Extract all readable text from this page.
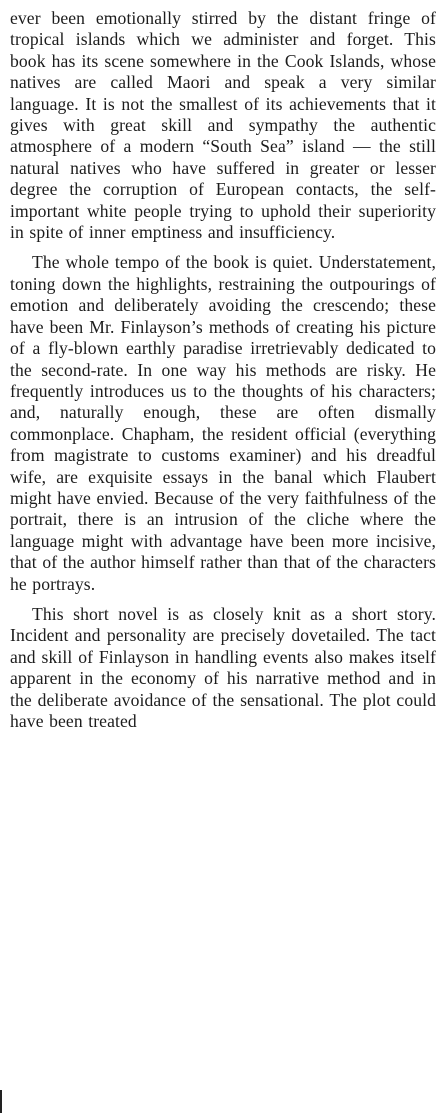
ever been emotionally stirred by the distant fringe of tropical islands which we administer and forget. This book has its scene somewhere in the Cook Islands, whose natives are called Maori and speak a very similar language. It is not the smallest of its achievements that it gives with great skill and sympathy the authentic atmosphere of a modern “South Sea” island — the still natural natives who have suffered in greater or lesser degree the corruption of European contacts, the self-important white people trying to uphold their superiority in spite of inner emptiness and insufficiency.

The whole tempo of the book is quiet. Understatement, toning down the highlights, restraining the outpourings of emotion and deliberately avoiding the crescendo; these have been Mr. Finlayson’s methods of creating his picture of a fly-blown earthly paradise irretrievably dedicated to the second-rate. In one way his methods are risky. He frequently introduces us to the thoughts of his characters; and, naturally enough, these are often dismally commonplace. Chapham, the resident official (everything from magistrate to customs examiner) and his dreadful wife, are exquisite essays in the banal which Flaubert might have envied. Because of the very faithfulness of the portrait, there is an intrusion of the cliche where the language might with advantage have been more incisive, that of the author himself rather than that of the characters he portrays.

This short novel is as closely knit as a short story. Incident and personality are precisely dovetailed. The tact and skill of Finlayson in handling events also makes itself apparent in the economy of his narrative method and in the deliberate avoidance of the sensational. The plot could have been treated
